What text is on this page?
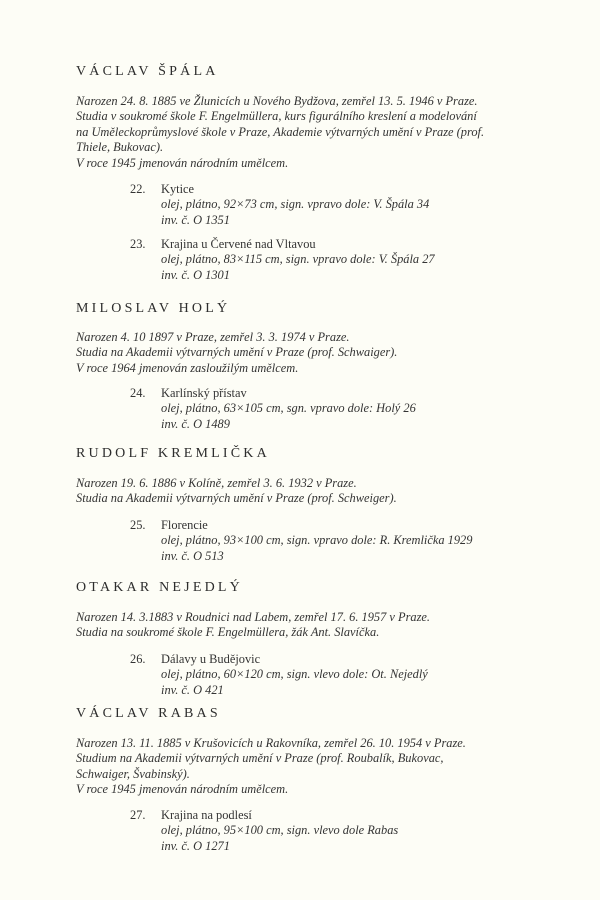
VÁCLAV ŠPÁLA
Narozen 24. 8. 1885 ve Žlunicích u Nového Bydžova, zemřel 13. 5. 1946 v Praze.
Studia v soukromé škole F. Engelmüllera, kurs figurálního kreslení a modelování
na Uměleckoprůmyslové škole v Praze, Akademie výtvarných umění v Praze (prof.
Thiele, Bukovac).
V roce 1945 jmenován národním umělcem.
22.	Kytice
olej, plátno, 92×73 cm, sign. vpravo dole: V. Špála 34
inv. č. O 1351
23.	Krajina u Červené nad Vltavou
olej, plátno, 83×115 cm, sign. vpravo dole: V. Špála 27
inv. č. O 1301
MILOSLAV HOLÝ
Narozen 4. 10 1897 v Praze, zemřel 3. 3. 1974 v Praze.
Studia na Akademii výtvarných umění v Praze (prof. Schwaiger).
V roce 1964 jmenován zasloužilým umělcem.
24.	Karlínský přístav
olej, plátno, 63×105 cm, sgn. vpravo dole: Holý 26
inv. č. O 1489
RUDOLF KREMLIČKA
Narozen 19. 6. 1886 v Kolíně, zemřel 3. 6. 1932 v Praze.
Studia na Akademii výtvarných umění v Praze (prof. Schweiger).
25.	Florencie
olej, plátno, 93×100 cm, sign. vpravo dole: R. Kremlička 1929
inv. č. O 513
OTAKAR NEJEDLÝ
Narozen 14. 3.1883 v Roudnici nad Labem, zemřel 17. 6. 1957 v Praze.
Studia na soukromé škole F. Engelmüllera, žák Ant. Slavíčka.
26.	Dálavy u Budějovic
olej, plátno, 60×120 cm, sign. vlevo dole: Ot. Nejedlý
inv. č. O 421
VÁCLAV RABAS
Narozen 13. 11. 1885 v Krušovicích u Rakovníka, zemřel 26. 10. 1954 v Praze.
Studium na Akademii výtvarných umění v Praze (prof. Roubalík, Bukovac,
Schwaiger, Švabinský).
V roce 1945 jmenován národním umělcem.
27.	Krajina na podlesí
olej, plátno, 95×100 cm, sign. vlevo dole Rabas
inv. č. O 1271
